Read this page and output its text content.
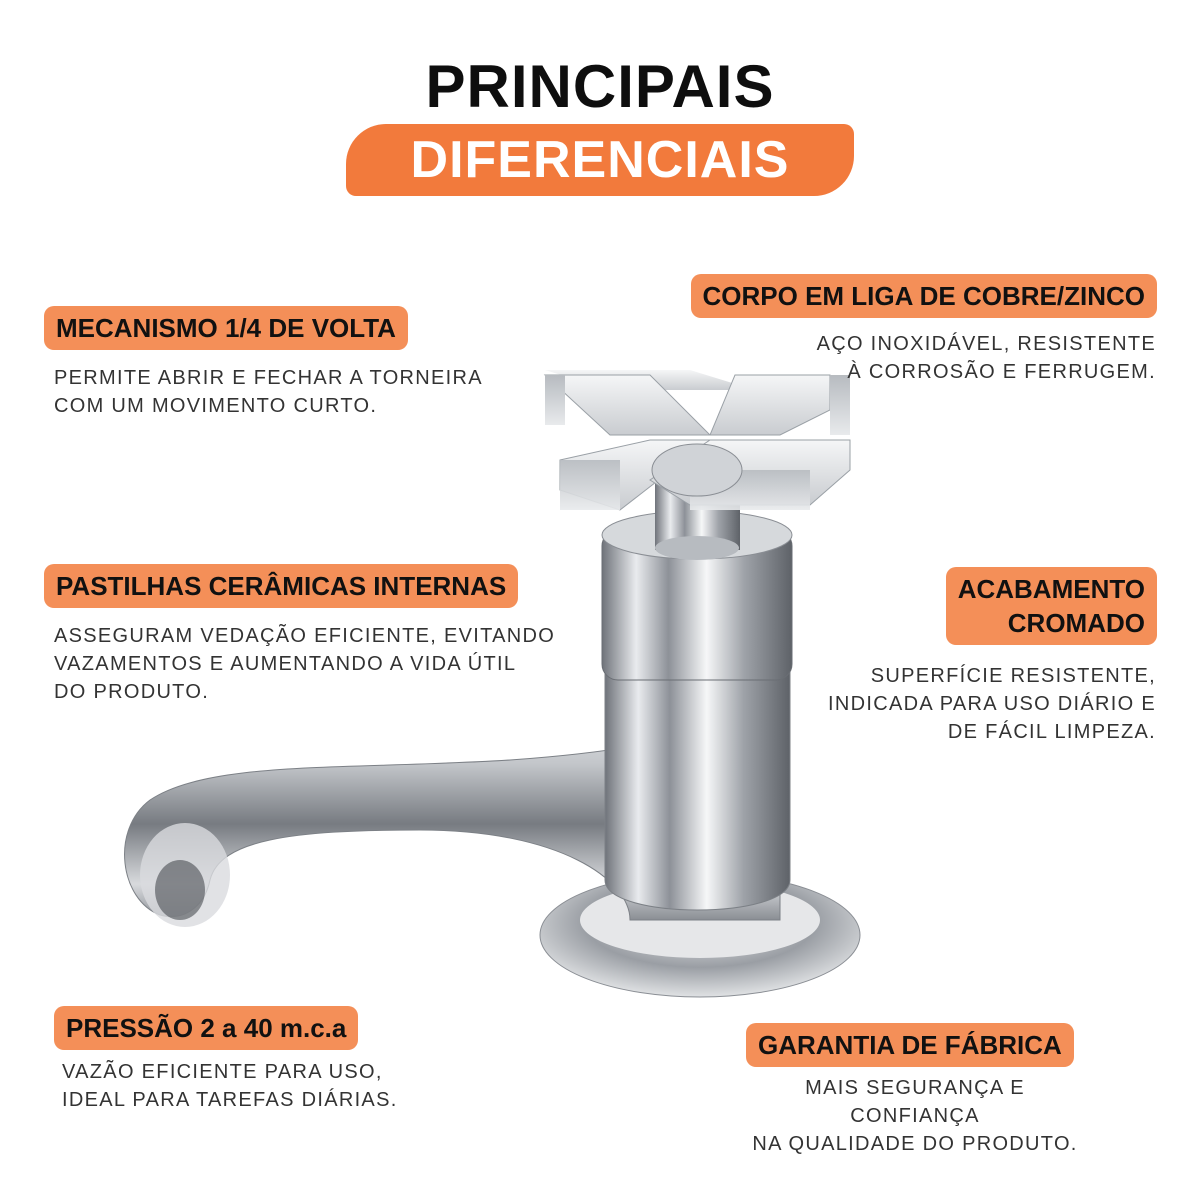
PRINCIPAIS
DIFERENCIAIS
MECANISMO 1/4 DE VOLTA
PERMITE ABRIR E FECHAR A TORNEIRA
COM UM MOVIMENTO CURTO.
CORPO EM LIGA DE COBRE/ZINCO
AÇO INOXIDÁVEL, RESISTENTE
À CORROSÃO E FERRUGEM.
PASTILHAS CERÂMICAS INTERNAS
ASSEGURAM VEDAÇÃO EFICIENTE, EVITANDO
VAZAMENTOS E AUMENTANDO A VIDA ÚTIL
DO PRODUTO.
ACABAMENTO
CROMADO
SUPERFÍCIE RESISTENTE,
INDICADA PARA USO DIÁRIO E
DE FÁCIL LIMPEZA.
PRESSÃO 2 a 40 m.c.a
VAZÃO EFICIENTE PARA USO,
IDEAL PARA TAREFAS DIÁRIAS.
GARANTIA DE FÁBRICA
MAIS SEGURANÇA E CONFIANÇA
NA QUALIDADE DO PRODUTO.
